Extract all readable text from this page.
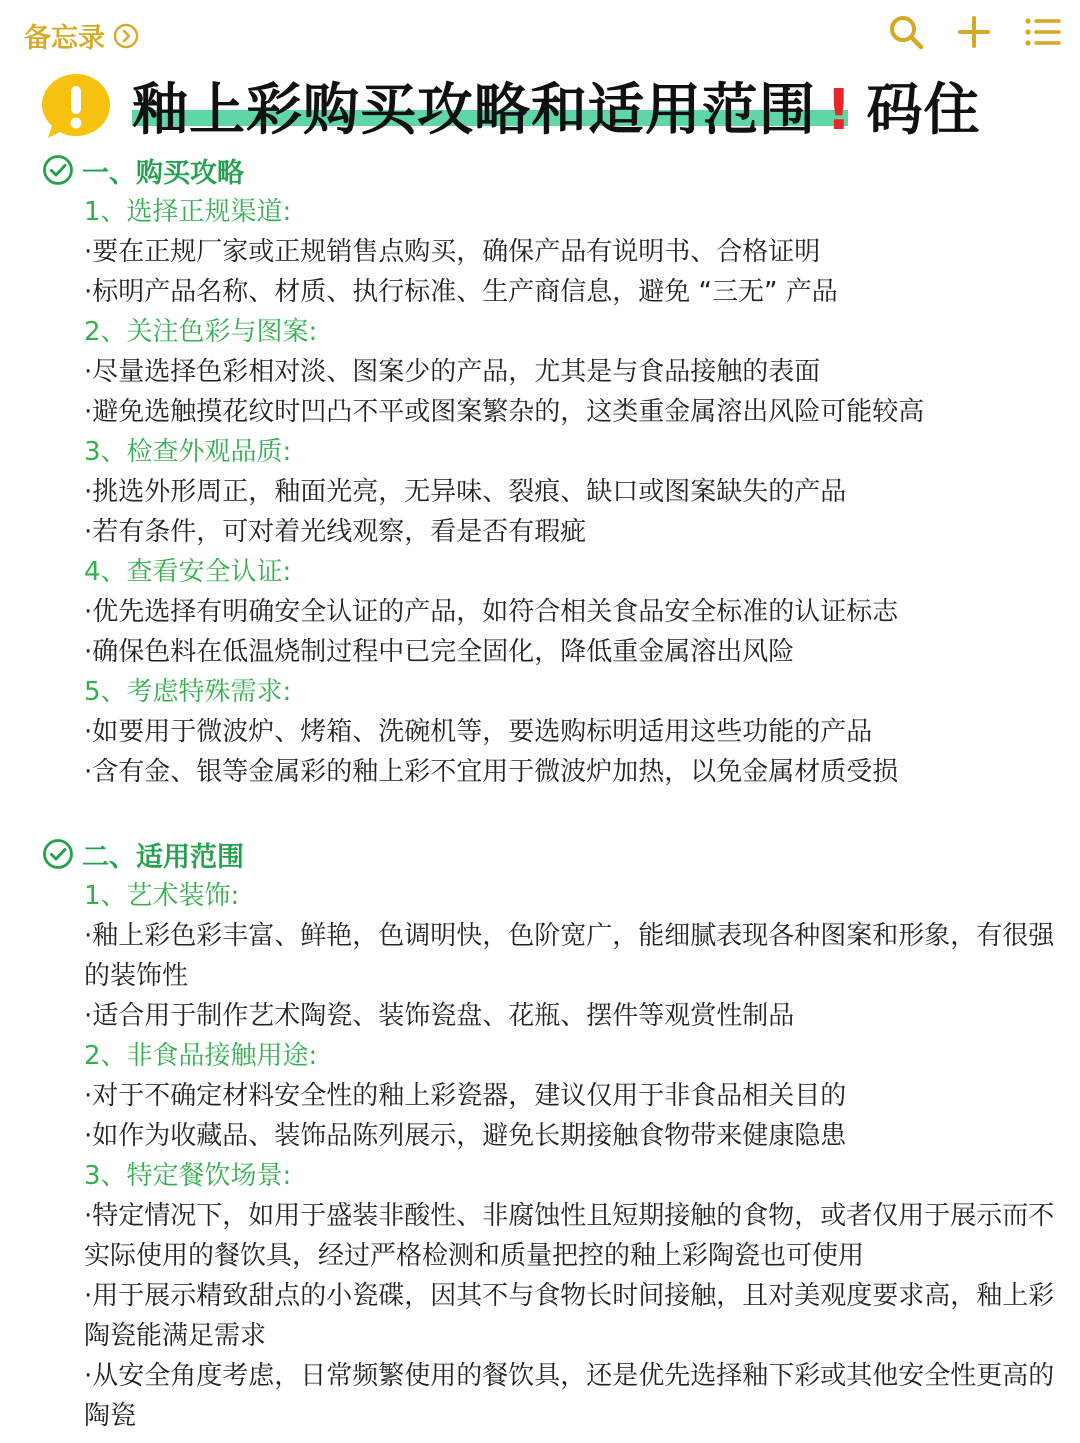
备忘录
釉上彩购买攻略和适用范围 ! 码住
一、购买攻略
1、选择正规渠道:
·要在正规厂家或正规销售点购买，确保产品有说明书、合格证明
·标明产品名称、材质、执行标准、生产商信息，避免 “三无” 产品
2、关注色彩与图案:
·尽量选择色彩相对淡、图案少的产品，尤其是与食品接触的表面
·避免选触摸花纹时凹凸不平或图案繁杂的，这类重金属溶出风险可能较高
3、检查外观品质:
·挑选外形周正，釉面光亮，无异味、裂痕、缺口或图案缺失的产品
·若有条件，可对着光线观察，看是否有瑕疵
4、查看安全认证:
·优先选择有明确安全认证的产品，如符合相关食品安全标准的认证标志
·确保色料在低温烧制过程中已完全固化，降低重金属溶出风险
5、考虑特殊需求:
·如要用于微波炉、烤箱、洗碗机等，要选购标明适用这些功能的产品
·含有金、银等金属彩的釉上彩不宜用于微波炉加热，以免金属材质受损
二、适用范围
1、艺术装饰:
·釉上彩色彩丰富、鲜艳，色调明快，色阶宽广，能细腻表现各种图案和形象，有很强的装饰性
·适合用于制作艺术陶瓷、装饰瓷盘、花瓶、摆件等观赏性制品
2、非食品接触用途:
·对于不确定材料安全性的釉上彩瓷器，建议仅用于非食品相关目的
·如作为收藏品、装饰品陈列展示，避免长期接触食物带来健康隐患
3、特定餐饮场景:
·特定情况下，如用于盛装非酸性、非腐蚀性且短期接触的食物，或者仅用于展示而不实际使用的餐饮具，经过严格检测和质量把控的釉上彩陶瓷也可使用
·用于展示精致甜点的小瓷碟，因其不与食物长时间接触，且对美观度要求高，釉上彩陶瓷能满足需求
·从安全角度考虑，日常频繁使用的餐饮具，还是优先选择釉下彩或其他安全性更高的陶瓷
